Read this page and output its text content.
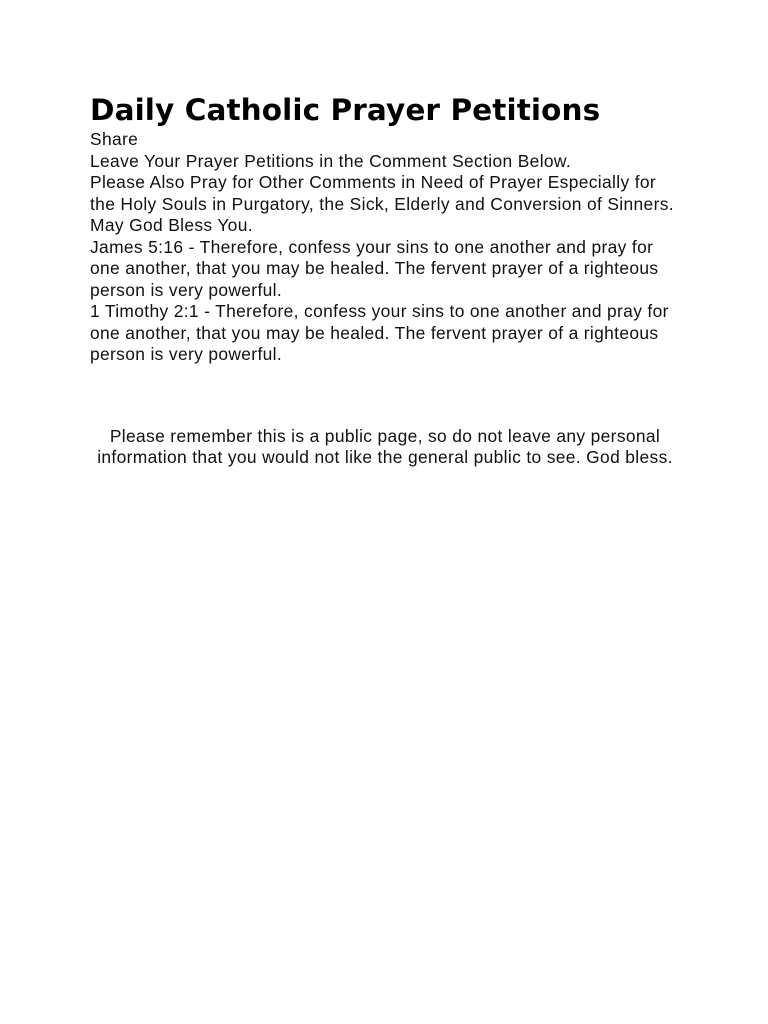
Daily Catholic Prayer Petitions
Share
Leave Your Prayer Petitions in the Comment Section Below.

Please Also Pray for Other Comments in Need of Prayer Especially for the Holy Souls in Purgatory, the Sick, Elderly and Conversion of Sinners. May God Bless You.

James 5:16 - Therefore, confess your sins to one another and pray for one another, that you may be healed. The fervent prayer of a righteous person is very powerful.

1 Timothy 2:1 - Therefore, confess your sins to one another and pray for one another, that you may be healed. The fervent prayer of a righteous person is very powerful.

Please remember this is a public page, so do not leave any personal information that you would not like the general public to see. God bless.
